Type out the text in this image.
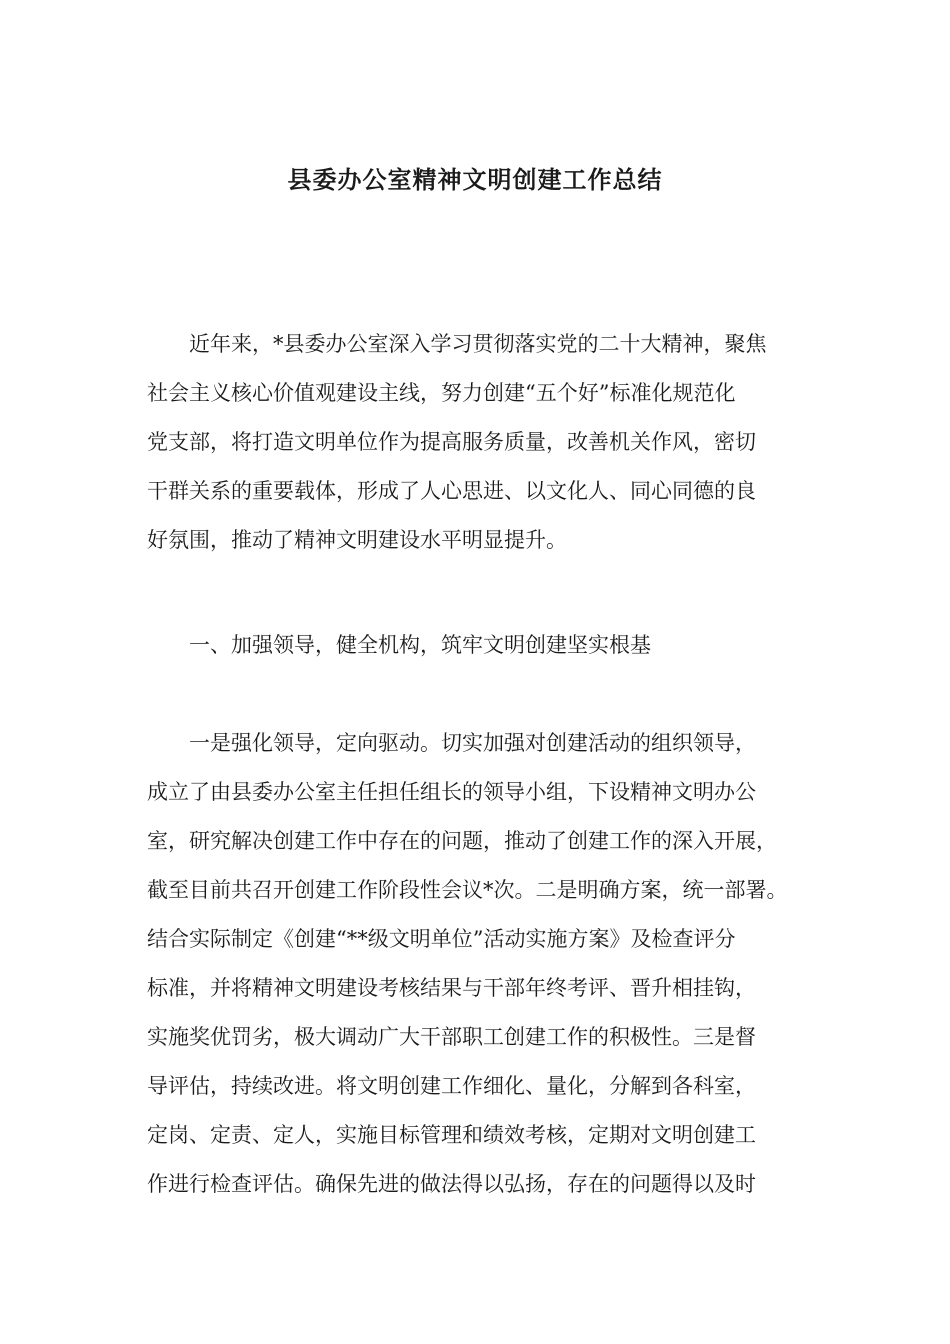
县委办公室精神文明创建工作总结

近年来，*县委办公室深入学习贯彻落实党的二十大精神，聚焦
社会主义核心价值观建设主线，努力创建“五个好”标准化规范化
党支部，将打造文明单位作为提高服务质量，改善机关作风，密切
干群关系的重要载体，形成了人心思进、以文化人、同心同德的良
好氛围，推动了精神文明建设水平明显提升。

一、加强领导，健全机构，筑牢文明创建坚实根基

一是强化领导，定向驱动。切实加强对创建活动的组织领导，
成立了由县委办公室主任担任组长的领导小组，下设精神文明办公
室，研究解决创建工作中存在的问题，推动了创建工作的深入开展，
截至目前共召开创建工作阶段性会议*次。二是明确方案，统一部署。
结合实际制定《创建“**级文明单位”活动实施方案》及检查评分
标准，并将精神文明建设考核结果与干部年终考评、晋升相挂钩，
实施奖优罚劣，极大调动广大干部职工创建工作的积极性。三是督
导评估，持续改进。将文明创建工作细化、量化，分解到各科室，
定岗、定责、定人，实施目标管理和绩效考核，定期对文明创建工
作进行检查评估。确保先进的做法得以弘扬，存在的问题得以及时
